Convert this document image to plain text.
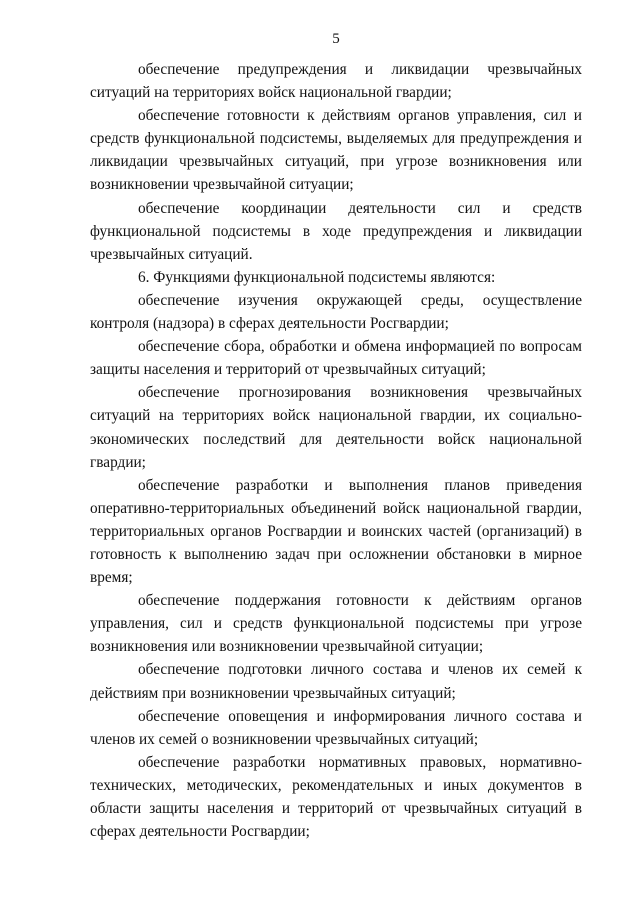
5

обеспечение предупреждения и ликвидации чрезвычайных ситуаций на территориях войск национальной гвардии;

обеспечение готовности к действиям органов управления, сил и средств функциональной подсистемы, выделяемых для предупреждения и ликвидации чрезвычайных ситуаций, при угрозе возникновения или возникновении чрезвычайной ситуации;

обеспечение координации деятельности сил и средств функциональной подсистемы в ходе предупреждения и ликвидации чрезвычайных ситуаций.

6. Функциями функциональной подсистемы являются:

обеспечение изучения окружающей среды, осуществление контроля (надзора) в сферах деятельности Росгвардии;

обеспечение сбора, обработки и обмена информацией по вопросам защиты населения и территорий от чрезвычайных ситуаций;

обеспечение прогнозирования возникновения чрезвычайных ситуаций на территориях войск национальной гвардии, их социально-экономических последствий для деятельности войск национальной гвардии;

обеспечение разработки и выполнения планов приведения оперативно-территориальных объединений войск национальной гвардии, территориальных органов Росгвардии и воинских частей (организаций) в готовность к выполнению задач при осложнении обстановки в мирное время;

обеспечение поддержания готовности к действиям органов управления, сил и средств функциональной подсистемы при угрозе возникновения или возникновении чрезвычайной ситуации;

обеспечение подготовки личного состава и членов их семей к действиям при возникновении чрезвычайных ситуаций;

обеспечение оповещения и информирования личного состава и членов их семей о возникновении чрезвычайных ситуаций;

обеспечение разработки нормативных правовых, нормативно-технических, методических, рекомендательных и иных документов в области защиты населения и территорий от чрезвычайных ситуаций в сферах деятельности Росгвардии;
